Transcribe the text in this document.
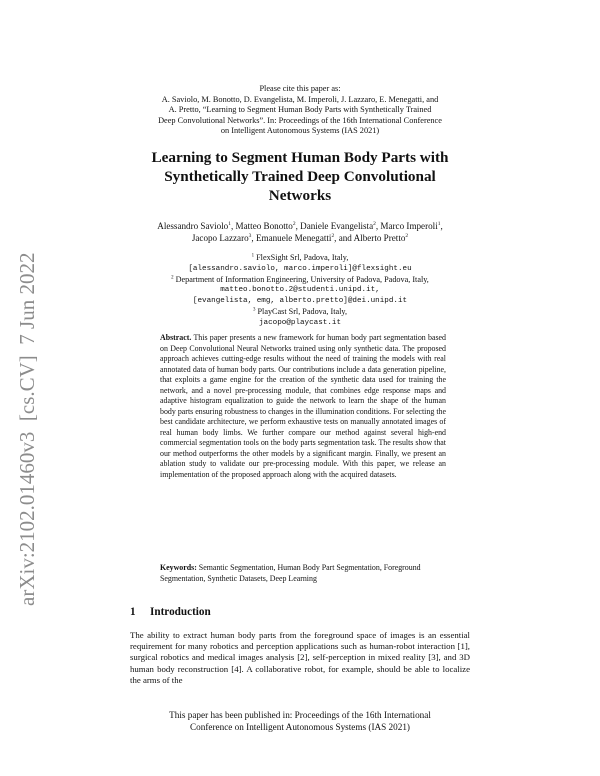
arXiv:2102.01460v3  [cs.CV]  7 Jun 2022

Please cite this paper as:

A. Saviolo, M. Bonotto, D. Evangelista, M. Imperoli, J. Lazzaro, E. Menegatti, and

A. Pretto, “Learning to Segment Human Body Parts with Synthetically Trained

Deep Convolutional Networks”. In: Proceedings of the 16th International Conference

on Intelligent Autonomous Systems (IAS 2021)

Learning to Segment Human Body Parts with
Synthetically Trained Deep Convolutional
Networks
Alessandro Saviolo$^1$, Matteo Bonotto$^2$, Daniele Evangelista$^2$, Marco Imperoli$^1$,
Jacopo Lazzaro$^3$, Emanuele Menegatti$^2$, and Alberto Pretto$^2$
$^1$ FlexSight Srl, Padova, Italy,
[alessandro.saviolo, marco.imperoli]@flexsight.eu
$^2$ Department of Information Engineering, University of Padova, Padova, Italy,
matteo.bonotto.2@studenti.unipd.it,
[evangelista, emg, alberto.pretto]@dei.unipd.it
$^3$ PlayCast Srl, Padova, Italy,
jacopo@playcast.it
Abstract. This paper presents a new framework for human body part segmentation based on Deep Convolutional Neural Networks trained using only synthetic data. The proposed approach achieves cutting-edge results without the need of training the models with real annotated data of human body parts. Our contributions include a data generation pipeline, that exploits a game engine for the creation of the synthetic data used for training the network, and a novel pre-processing module, that combines edge response maps and adaptive histogram equalization to guide the network to learn the shape of the human body parts ensuring robustness to changes in the illumination conditions. For selecting the best candidate architecture, we perform exhaustive tests on manually annotated images of real human body limbs. We further compare our method against several high-end commercial segmentation tools on the body parts segmentation task. The results show that our method outperforms the other models by a significant margin. Finally, we present an ablation study to validate our pre-processing module. With this paper, we release an implementation of the proposed approach along with the acquired datasets.
Keywords: Semantic Segmentation, Human Body Part Segmentation, Foreground Segmentation, Synthetic Datasets, Deep Learning
1 Introduction

The ability to extract human body parts from the foreground space of images is an essential requirement for many robotics and perception applications such as human-robot interaction [1], surgical robotics and medical images analysis [2], self-perception in mixed reality [3], and 3D human body reconstruction [4]. A collaborative robot, for example, should be able to localize the arms of the

This paper has been published in: Proceedings of the 16th International

Conference on Intelligent Autonomous Systems (IAS 2021)
